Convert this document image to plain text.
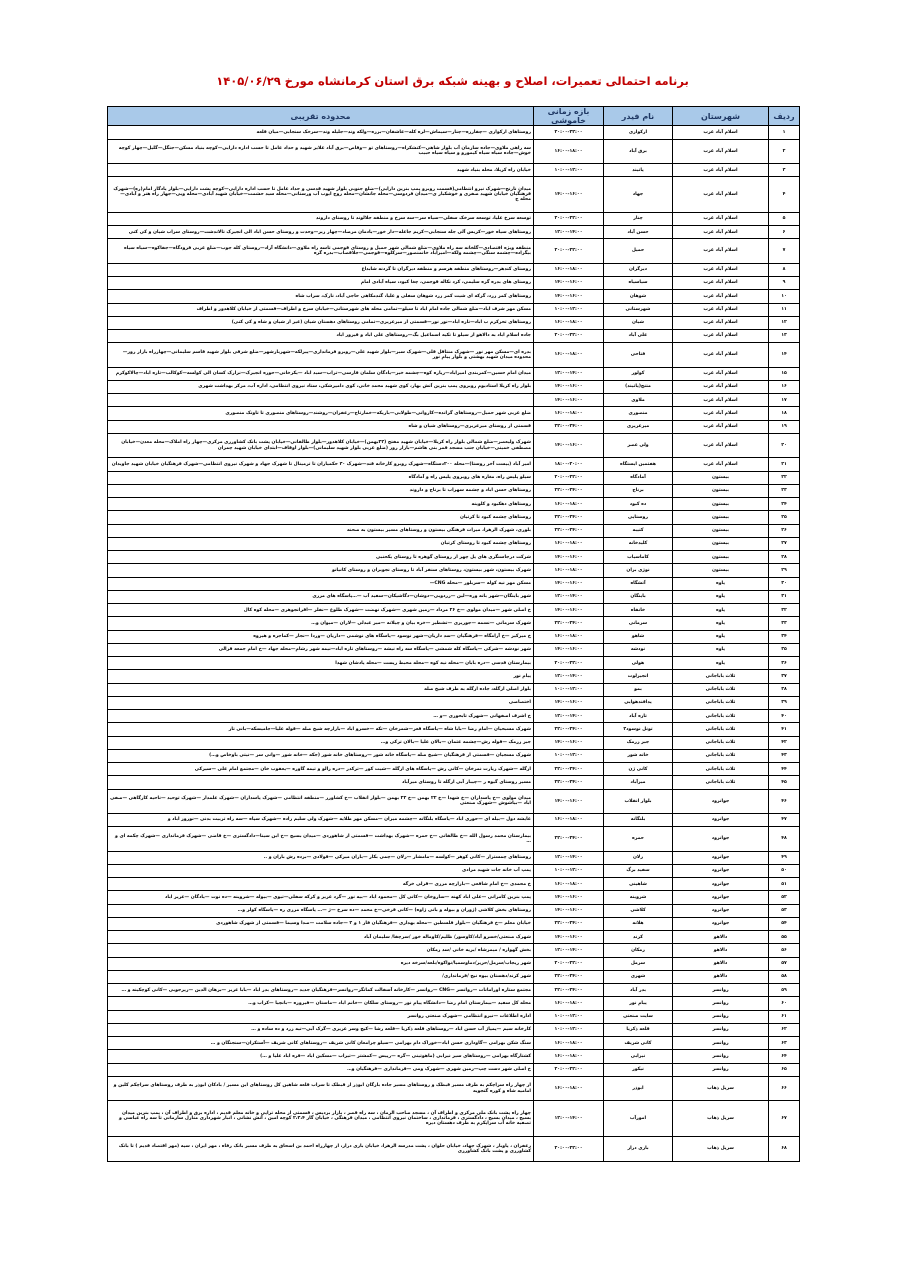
برنامه احتمالی تعمیرات، اصلاح و بهینه شبکه برق استان کرمانشاه مورخ ۱۴۰۵/۰۶/۲۹
ردیف	شهرستان	نام فیدر	بازه زمانی خاموشی	محدوده تقریبی
۱	اسلام آباد غرب	ارکوازی	۲۰:۰۰-۲۲:۰۰	روستاهای ارکوازی —چقارزه—چنار—سیماش—لره کله—عاشقان—برزه—ولکه وند—جلیله وند—سرخک سنجابی—میان قلعه
۲	اسلام آباد غرب	برق آباد	۱۶:۰۰-۱۸:۰۰	سه راهی ملاوی—جاده سازمان آب بلوار شاهی—کنشکراه—روستاهای تو —وقاص—برق آباد غلایر شهید و حداد عامل تا حسب اداره دارایی—کوچه بنیاد مسکن—جنگل—گلیل—چهار کوچه خوش—جاده سیاه سیاه کیمورو و سیاه سیاه حبیب
۳	اسلام آباد غرب	پاتیند	۱۰:۰۰-۱۲:۰۰	خیابان راه کربلا، محله بنیاد شهید
۴	اسلام آباد غرب	جهاد	۱۴:۰۰-۱۶:۰۰	میدان نارنج—شهرک نیرو انتظامی(قسمت روبرو پمپ بنزین دارایی)—ضلع جنوبی بلوار شهید قدسی و حداد عامل تا حسب اداره دارایی—کوچه پشت دارایی—بلوار یادگار امام(ره)—شهرک فرهنگیان خیابان شهید صفری و خوشکبار ی—میدان فردوسی—محله جانشان—محله زوج ایوب آب ورستانی—محله سید حشمت—خیابان شهید آبادی—محله ویی—جهار راه هنر و آبادی—محله ج
۵	اسلام آباد غرب	چنار	۲۰:۰۰-۲۲:۰۰	توسعه سرخ علیا، توسعه سرخک سفلی—سیاه سر—سه سرخ و منطقه جلالوند تا روستای داروند
۶	اسلام آباد غرب	حسن آباد	۱۲:۰۰-۱۴:۰۰	روستاهای سیاه خور—کریس آلی جله سنجابی—کریم جاعله—دار خور—یادمان مرصاد—چهار زبر—وحدت و روستای حسن اباد الی انجیرک تالاندشت—روستای سراب شیان و کی کنی
۷	اسلام آباد غرب	حمیل	۲۰:۰۰-۲۲:۰۰	منطقه ویژه اقتصادی—گلخانه سه راه ملاوی—ضلع شمالی شهر حمیل و روستای قوجمی تاسه راه ملاوی—دانشگاه آزاد—روستای کله جوب—ضلع غربی فرودگاه—جفاکوه—سیاه سیاه بیگزاده—چشمه سنگی—چشمه ولکه—امیراباد خانمنصور—سرکلوه—قوجمی—جلاقصاب—بدره گره
۸	اسلام آباد غرب	دیزگران	۱۶:۰۰-۱۸:۰۰	روستای کندهر—روستاهای منطقه هرسم و منطقه دیزگران تا گردنه شابداغ
۹	اسلام آباد غرب	سیاسیاه	۱۴:۰۰-۱۶:۰۰	روستای های بدره گره سلیمی، کرد نکاله قوجمی، چغا کبود، سیاه آبادی امام
۱۰	اسلام آباد غرب	شوهان	۱۴:۰۰-۱۶:۰۰	روستاهای کمر زرد، گرکه ای شیت کمر زرد شوهان سفلی و علیا، گندمکاهی حاجی آباد، نارک، سراب شاه
۱۱	اسلام آباد غرب	شهرستانی	۱۰:۰۰-۱۲:۰۰	مسکن مهر شرف اباد—ضلع شمالی جاده امام اباد تا سیلو—تمامی محله های شهرستانی—خیابان سرخ و اطراف—قسمتی از خیابان کلاهدوز و اطراف
۱۲	اسلام آباد غرب	شیان	۱۶:۰۰-۱۸:۰۰	روستاهای تحرکرم ب اباد—تازه اباد—نور نور—قسمتی از میرعزیزی—تمامی روستاهای دهستان شیان (غیر از شیان و شاه و کی کنی)
۱۳	اسلام آباد غرب	علی آباد	۲۰:۰۰-۲۲:۰۰	جاده اسلام اباد به دالاهو از سیلو تا تکیه اسماعیل بگ—روستاهای علی اباد و فیروز اباد
۱۴	اسلام آباد غرب	فتاحی	۱۶:۰۰-۱۸:۰۰	بدره ای—مسکن مهر نور —شهرک منتاقل قلی—شهرک سبز—بلوار شهید علی—روبرو فرمانداری—پیزلکه—شهربازشهر—ضلع شرقی بلوار شهید قاسم سلیمانی—چهارراه بازار روز—محدوده میدان شهید بهشتی و بلوار پیام نور
۱۵	اسلام آباد غرب	کولور	۱۲:۰۰-۱۴:۰۰	میدان امام حسین—کمربندی امیراباد—زیاره کوه—چشمه خیر—یادگان سلمان فارسی—تراب—سید اباد —یکرخانی—حوزه انجیرک—نزارک کسان الی کولسه—کوکالب—تازه اباد—چالاکوکرم
۱۶	اسلام آباد غرب	متنج(پاتیند)	۱۴:۰۰-۱۶:۰۰	بلوار راه کربلا استادیوم روبروی پمپ بنزین آتش بهار، کوی شهید محمد خانی، کوی دامپزشکی، ستاد نیروی انتظامی، اداره آب، مرکز بهداشت شهری
۱۷	اسلام آباد غرب	ملاوی	۱۴:۰۰-۱۶:۰۰	
۱۸	اسلام آباد غرب	منصوری	۱۶:۰۰-۱۸:۰۰	ضلع غربی شهر حمیل—روستاهای گرانده—کاروانی—طولابی—باریکه—خمارتاج—زعفران—روشند—روستاهای منصوری تا تاونک منصوری
۱۹	اسلام آباد غرب	میرعزیزی	۲۲:۰۰-۲۴:۰۰	قسمتی از روستای میرعزیزی—روستاهای شیان و شاه
۲۰	اسلام آباد غرب	ولی عصر	۱۴:۰۰-۱۶:۰۰	شهرک ولیعصر—ضلع شمالی بلوار راه کربلا—خیابان شهید مفتح (۲۲بهمن)—خیابان کلاهدوز—بلوار طالقانی—خیابان پشت بانک کشاورزی مرکزی—چهار راه املاک—محله معدن—خیابان مصطفی خمینی—خیابان جنب مسجد قمر بنی هاشم—بازار روز (ضلع غربی بلوار شهید سلیمانی)—بلوار اوقاف—ابتدای خیابان شهید چمران
۲۱	اسلام آباد غرب	هفتمین ایستگاه	۱۸:۰۰-۲۰:۰۰	امیر آباد (بیست آخر روستا)—محله ۲۰۰دستگاه—شهرک روبرو کارخانه قند—شهرک ۳۰ حکمیاران تا ترمینال تا شهرک جهاد و شهرک نیروی انتظامی—شهرک فرهنگیان خیابان شهید جاویدان
۲۲	بیستون	آمادگاه	۲۰:۰۰-۲۲:۰۰	سیلو پلیس راه، مغازه های روبروی پلیس راه و آمادگاه
۲۳	بیستون	برناج	۲۲:۰۰-۲۴:۰۰	روستاهای حسن اباد و چشمه سهراب تا برناج و داروند
۲۴	بیستون	ده کبود	۱۶:۰۰-۱۸:۰۰	روستاهای دهکبود و کلوینه
۲۵	بیستون	روستایی	۲۲:۰۰-۲۴:۰۰	روستاهای چشمه کبود تا کرتیان
۲۶	بیستون	کتیبه	۲۲:۰۰-۲۴:۰۰	بلوری، شهرک الزهرا، میراث فرهنگی بیستون و روستاهای مسیر بیستون به صحنه
۲۷	بیستون	کلیدخانه	۱۶:۰۰-۱۸:۰۰	روستاهای چشمه کبود تا روستای کرتیان
۲۸	بیستون	کاماسیاب	۱۴:۰۰-۱۶:۰۰	شرکت درجاسنگری های پل چهر از روستای گوهره تا روستای یکحنبی
۲۹	بیستون	نوژی بران	۱۶:۰۰-۱۸:۰۰	شهرک بیستون، شهر بیستون، روستاهای سنقر آباد تا روستای نجوبران و روستای کانیانو
۳۰	پاوه	آتشگاه	۱۴:۰۰-۱۶:۰۰	مسکن مهر نیه کوله —سربلور —محله CNG—
۳۱	پاوه	باینگان	۱۲:۰۰-۱۴:۰۰	شهر باینگان—شهر بانه وره—لین —زردویی—دوشان—دگاشیکان—سفید آب —…پاسگاه های مرزی
۳۲	پاوه	خانقاه	۱۴:۰۰-۱۶:۰۰	خ اصلی شهر —میدان مولوی —خ ۲۶ مرداد —زمین شهری —شهرک نهضت —شهرک طلوع —نفلز —اقرانجوهری —محله کوه کال
۳۳	پاوه	سرمانی	۲۲:۰۰-۲۴:۰۰	شهرک سرمانی —نسمه —جوریزی —تشطیر —خره بیان و چیلانه —میر عبدلی —لاران —میوان و…
۳۴	پاوه	شاهو	۱۶:۰۰-۱۸:۰۰	خ میرکیز —خ آرامگاه —فرهنگیان —سد داریان—شهر نوسود —پاسگاه های نوشمی —داریان —وردا —نجار —کماجره و هیروه
۳۵	پاوه	نودشه	۱۴:۰۰-۱۶:۰۰	شهر نودشه —شرکی —پاسگاه کله شمشی —پاسگاه سه راه نیشه —روستاهای تازه اباد—نیمه شهر رشام—محله جهاد —خ امام جمعه قرالی
۳۶	پاوه	هولی	۲۰:۰۰-۲۲:۰۰	بیمارستان قدسی —دره بابان —محله نیه کوه —محله محبط زیست —محله پادشان شهدا
۳۷	ثلاث باباجانی	انجیرلوت	۱۲:۰۰-۱۴:۰۰	پیام نور
۳۸	ثلاث باباجانی	بمو	۱۰:۰۰-۱۲:۰۰	بلوار اصلی ازگله، جاده ازگله به طرف شیخ صله
۳۹	ثلاث باباجانی	پدافندهوایی	۱۴:۰۰-۱۶:۰۰	اختصاصی
۴۰	ثلاث باباجانی	تازه آباد	۱۲:۰۰-۱۴:۰۰	خ اشرف اصفهانی —شهرک تابحوزی —و …
۴۱	ثلاث باباجانی	تونل نوسود۲	۲۲:۰۰-۲۴:۰۰	شهرک مسبحیان —امام رضا —بابا شاه —پاسگاه قعر—شمرخان —تکه —خسرو اباد —بازارچه شیخ صله —قوله علیا—جامیسکه—بانی تاز
۴۲	ثلاث باباجانی	جبر زرمک	۱۴:۰۰-۱۶:۰۰	جبر زرمک —قوله رش—چشمه عثمان —بالان علیا —بالان ترکی و…
۴۳	ثلاث باباجانی	خانه شور	۱۰:۰۰-۱۲:۰۰	شهرک مسجیان —قسمتی از فرهنگیان —شیخ صله —پاسگاه خانه شور —روستاهای خانه شور (جکه —خانه شور —وانی سر —نیتی باوخاص و…)
۴۴	ثلاث باباجانی	کانی ژن	۲۲:۰۰-۲۴:۰۰	ازگله —شهرک زیارت نمرخان —کانی رش —پاسگاه های ازگله —شیت کور —ترکدر —دره زالو و تیمه گاوره —یعقوب خان —مجتمع امام علی —سیرکی
۴۵	ثلاث باباجانی	میرآباد	۲۲:۰۰-۲۴:۰۰	مسیر روستای گیوه ر —چیبار آبی ازگله تا روستای میرآباد
۴۶	جوانرود	بلوار انقلاب	۱۴:۰۰-۱۶:۰۰	میدان مولوی —خ پاسداران —خ شهدا —خ ۲۲ بهمن —خ ۲۲ بهمن —بلوار انقلاب —خ کشاورز —منطقه انتظامی —شهرک پاسداران —شهرک علمدار —شهرک توحید —ناحیه کارگاهی —صفی اباد —بیاشوش —شهرک صنعتی
۴۷	جوانرود	بلنگانه	۱۶:۰۰-۱۸:۰۰	عایشه دول —بیله ای —حوری اباد —پاسگاه بلنگانه —چشمه میران —مسکن مهر طلایه —شهرک ولی سلیم زاده —شهرک سپاه —سه راه تربیت بدنی —نوروز اباد و
۴۸	جوانرود	حمزه	۲۲:۰۰-۲۴:۰۰	بیمارستان محمد رسول الله —خ طالقانی —خ حمزه —شهرک بهداشت —قسمتی از شاهوردی —میدان بسیج —خ ابن سینا—دادگستری —خ قاضی —شهرک فرمانداری —شهرک چکمه ای و …
۴۹	جوانرود	زلان	۱۲:۰۰-۱۴:۰۰	روستاهای چمستراز —کانی کوهر —کولسه —مامشار —زلان —چمی بکار —باران میرکی —قولادی —بزده رش باران و ..
۵۰	جوانرود	سفید برگ	۱۰:۰۰-۱۲:۰۰	پمپ آب خانه جات شهید مرادی
۵۱	جوانرود	شاهینی	۱۶:۰۰-۱۸:۰۰	خ محمدی —خ امام شافعی —بازارچه مرزی —قزلی خرگه
۵۲	جوانرود	شروینه	۱۴:۰۰-۱۶:۰۰	پمپ بنزین کامرانی —علی اباد کهنه —ساروخان —کانی کل —محمود اباد —بیه نور —گرد عزیز و کرکه سفلی—تیوی —بیوله —شروینه —ده نوت —یادگان —عزیز اباد
۵۳	جوانرود	کلاشی	۱۴:۰۰-۱۶:۰۰	روستاهای بخش کلاشی (ژوران و بیوله و بانی ژاوه) —کانی فرخی—خ محمد —ده سرخ —ژ —… پاسگاه مرزی ره —پاسگاه کولر و…
۵۴	جوانرود	هلانه	۲۲:۰۰-۲۴:۰۰	خیابان معلم —خ فرهنگیان —بلوار فلسطین —محله بهداری —فرهنگیان فاز ۱ و ۲ —جاده سلامت —صدا وسیما —قسمتی از شهرک شاهوردی
۵۵	دالاهو	کرند	۱۴:۰۰-۱۶:۰۰	شهرک صنعتی/خسرو آباد/کاوسور/ ظلیم/کاوماله خور /سرچقا/ سلیمان آباد
۵۶	دالاهو	زمکان	۱۲:۰۰-۱۴:۰۰	بخش گهواره / میمرشاه /بریه خانی /سد زمکان
۵۷	دالاهو	سرمل	۲۰:۰۰-۲۲:۰۰	شهر ریجاب/سرمل/حرپز/دماوسمیا/نواکوه/بلعه/سرخه دیزه
۵۸	دالاهو	شهری	۲۲:۰۰-۲۴:۰۰	شهر کرند/دهستان بیوه نیج /فرمانداری/
۵۹	روانسر	بدر آباد	۲۲:۰۰-۲۴:۰۰	مجتمع ستاره اورامانات —روانسر —CNG —روانسر —کارخانه آسفالت کمانگر—روانسر—فرهنگیان جدید —روستاهای بدر اباد —بابا عزیز —برهان الدین —زیرجوبی —کانی کوچکینه و …
۶۰	روانسر	پیام نور	۱۶:۰۰-۱۸:۰۰	محله کل سفید —بیمارستان امام رضا —دانشگاه پیام نور —روستای سلکان —خانم اباد —ماستان —فیروزه —بانچیا —کراب و…
۶۱	روانسر	سایت صنعتی	۱۰:۰۰-۱۲:۰۰	اداره اطلاعات —نیرو انتظامی —شهرک صنعتی روانسر
۶۲	روانسر	قلعه ذکریا	۱۰:۰۰-۱۲:۰۰	کارخانه سیم —پمپاژ آب حسن اباد —روستاهای قلعه ذکریا —قلعه رشا —کیچ وسر عزیزی —گرک آبی—تیه زرد و ده ساده و …
۶۳	روانسر	کانی شریف	۱۶:۰۰-۱۸:۰۰	سنگ شکن بهرامی —گاوداری حسن اباد—خوراک دام بهرامی —سیلو چرامعان کانی شریف —روستاهای کانی شریف —آستکران—سنجنگان و …
۶۴	روانسر	نیرابی	۱۶:۰۰-۱۸:۰۰	کشتارگاه بهرامی —روستاهای سیر نیرابی (ماهوتینی —گره —رپیس —کمشتر —تیراب —مسکین اباد —قره اباد علیا و …)
۶۵	روانسر	نیکور	۲۰:۰۰-۲۲:۰۰	خ اصلی شهر دست چپ—زمین شهری —شهرک ومی —فرمانداری —فرهنگیان و…
۶۶	سرپل ذهاب	ابوذر	۱۶:۰۰-۱۸:۰۰	از چهار راه سراچکم به طرف مسیر قبطک و روستاهای مسیر جاده بازگان ابوذر از قبطک تا سراب قلعه شاهین کل روستاهای این مسیر / بادکان ابوذر به طرف روستاهای سراچکم کلین و امامیه شاه و کوره گنجویه
۶۷	سرپل ذهاب	امورآب	۱۲:۰۰-۱۴:۰۰	چهار راه پشت بانک ملی مرکزی و اطراف آن ، مسجد صاحب الزمان ، سه راه قصر ، بازار بردیس ، قسمتی از محله تراپی و خانه معلم قدیم ، اداره برق و اطراف آن ، پمپ بنزین میدان بسیج ، میدان بسیج ، دادگستری ، فرمانداری ، ساختمان نیروی انتظامی ، میدان فرهنگی ، خیابان گاز ۲،۳،۴ کوچه امین ، آتش نشانی ، انبار شهرداری منازل سازمانی تا سه راه عباسی و تصفیه خانه آب سراپکرم به طرف دهستان دیره
۶۸	سرپل ذهاب	بازی دراز	۲۰:۰۰-۲۲:۰۰	زعفران ، پاوبار ، شهرک جهاد، خیابان حلوان ، پشت مدرسه الزهرا، خیابان بازی دراز، از چهارراه احمد بن اسحاق به طرف مسیر بانک رفاه ، مهر ایران ، سپه (مهر اقتصاد قدیم ) تا بانک کشاورزی و پشت بانک کشاورزی
